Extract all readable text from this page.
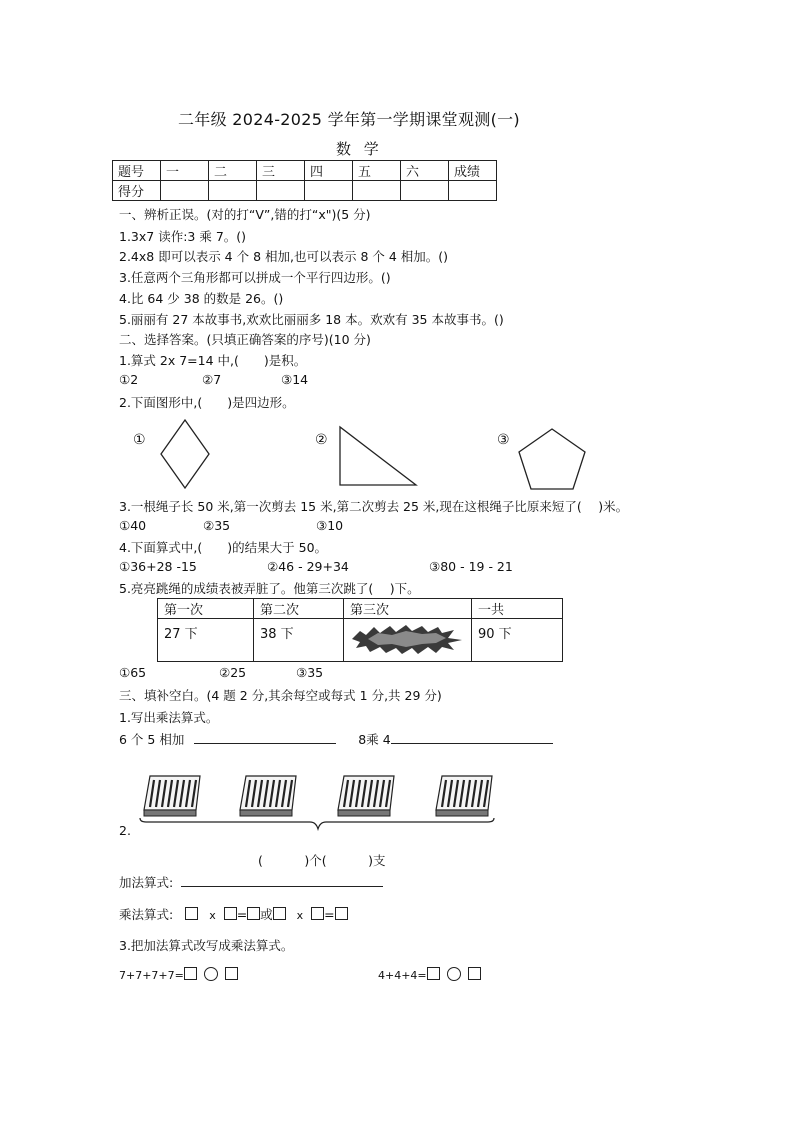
二年级 2024-2025 学年第一学期课堂观测(一)
数 学
题号	一	二	三	四	五	六	成绩
得分							
一、辨析正误。(对的打“V”,错的打“x")(5 分)
1.3x7 读作:3 乘 7。()
2.4x8 即可以表示 4 个 8 相加,也可以表示 8 个 4 相加。()
3.任意两个三角形都可以拼成一个平行四边形。()
4.比 64 少 38 的数是 26。()
5.丽丽有 27 本故事书,欢欢比丽丽多 18 本。欢欢有 35 本故事书。()
二、选择答案。(只填正确答案的序号)(10 分)
1.算式 2x 7=14 中,(　　)是积。
①2	②7	③14
2.下面图形中,(　　)是四边形。
①	②	③
3.一根绳子长 50 米,第一次剪去 15 米,第二次剪去 25 米,现在这根绳子比原来短了(　 )米。
①40	②35	③10
4.下面算式中,(　　)的结果大于 50。
①36+28 -15	②46 - 29+34	③80 - 19 - 21
5.亮亮跳绳的成绩表被弄脏了。他第三次跳了(　 )下。
第一次	第二次	第三次	一共
27 下	38 下		90 下
①65	②25	③35
三、填补空白。(4 题 2 分,其余每空或每式 1 分,共 29 分)
1.写出乘法算式。
6 个 5 相加	8乘 4
2.
(　　　 )个(　　　 )支
加法算式:
乘法算式:	x = 或 x =
3.把加法算式改写成乘法算式。
7+7+7+7=	4+4+4=
